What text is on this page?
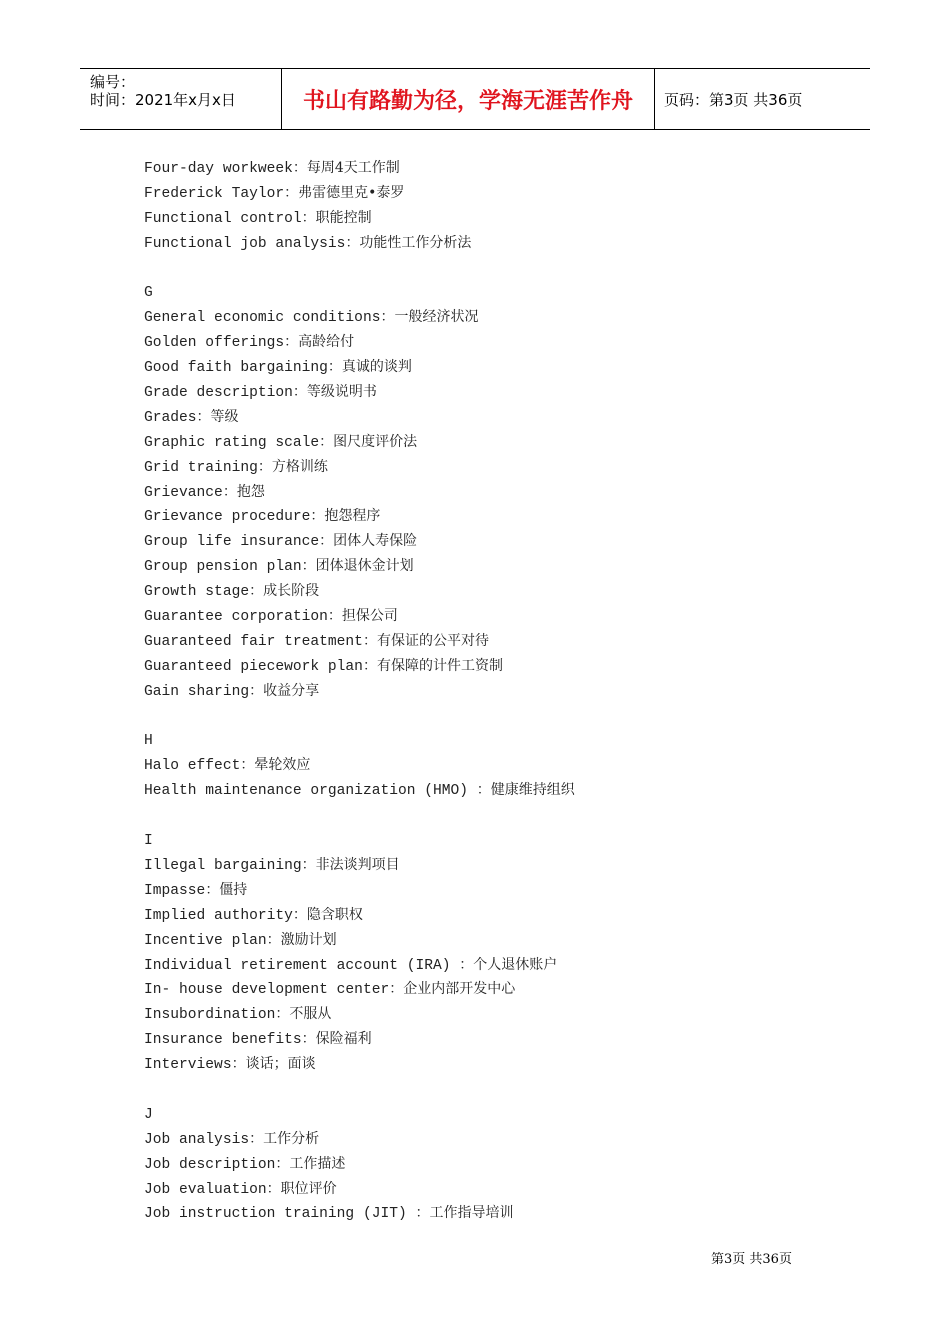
编号：
时间：2021年x月x日	书山有路勤为径，学海无涯苦作舟	页码：第3页 共36页
Four-day workweek：每周4天工作制
Frederick Taylor：弗雷德里克•泰罗
Functional control：职能控制
Functional job analysis：功能性工作分析法
G
General economic conditions：一般经济状况
Golden offerings：高龄给付
Good faith bargaining：真诚的谈判
Grade description：等级说明书
Grades：等级
Graphic rating scale：图尺度评价法
Grid training：方格训练
Grievance：抱怨
Grievance procedure：抱怨程序
Group life insurance：团体人寿保险
Group pension plan：团体退休金计划
Growth stage：成长阶段
Guarantee corporation：担保公司
Guaranteed fair treatment：有保证的公平对待
Guaranteed piecework plan：有保障的计件工资制
Gain sharing：收益分享
H
Halo effect：晕轮效应
Health maintenance organization (HMO) ：健康维持组织
I
Illegal bargaining：非法谈判项目
Impasse：僵持
Implied authority：隐含职权
Incentive plan：激励计划
Individual retirement account (IRA) ：个人退休账户
In- house development center：企业内部开发中心
Insubordination：不服从
Insurance benefits：保险福利
Interviews：谈话；面谈
J
Job analysis：工作分析
Job description：工作描述
Job evaluation：职位评价
Job instruction training (JIT) ：工作指导培训
第3页 共36页
